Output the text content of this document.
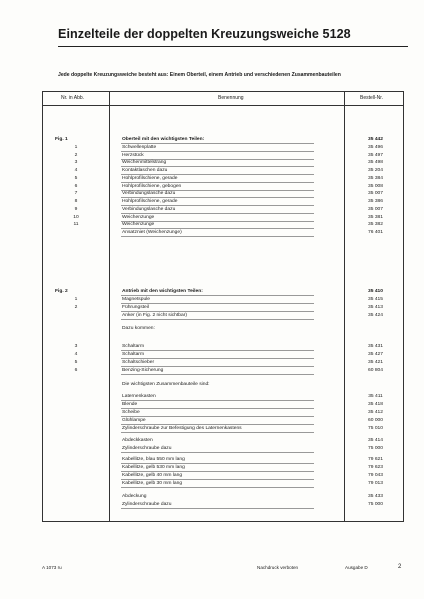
Einzelteile der doppelten Kreuzungsweiche 5128
Jede doppelte Kreuzungsweiche besteht aus: Einem Oberteil, einem Antrieb und verschiedenen Zusammenbauteilen
Nr. in Abb.	Benennung	Bestell-Nr.
Fig. 1	Oberteil mit den wichtigsten Teilen:	35 442
1	Schwellenplatte	35 496
2	Herzstück	35 497
3	Weichenmittelstrang	35 498
4	Kontaktlaschen dazu	35 204
5	Hohlprofilschiene, gerade	35 384
6	Hohlprofilschiene, gebogen	35 008
7	Verbindungslasche dazu	35 007
8	Hohlprofilschiene, gerade	35 386
9	Verbindungslasche dazu	35 007
10	Weichenzunge	35 381
11	Weichenzunge	35 382
Ansatzniet (Weichenzunge)	76 401
Fig. 2	Antrieb mit den wichtigsten Teilen:	35 410
1	Magnetspule	35 415
2	Führungsteil	35 413
Anker (in Fig. 2 nicht sichtbar)	35 424
Dazu kommen:
3	Schaltarm	35 431
4	Schaltarm	35 427
5	Schaltschieber	35 421
6	Benzing-Sicherung	60 804
Die wichtigsten Zusammenbauteile sind:
Laternenkasten	35 411
Blende	35 418
Scheibe	35 412
Glühlampe	60 000
Zylinderschraube zur Befestigung des Laternenkastens	75 010
Abdeckkasten	35 414
Zylinderschraube dazu	75 000
Kabellitze, blau 550 mm lang	79 621
Kabellitze, gelb 530 mm lang	79 623
Kabellitze, gelb 40 mm lang	79 043
Kabellitze, gelb 30 mm lang	79 013
Abdeckung	35 433
Zylinderschraube dazu	75 000
A 1073 ru	Nachdruck verboten	Ausgabe D	2
